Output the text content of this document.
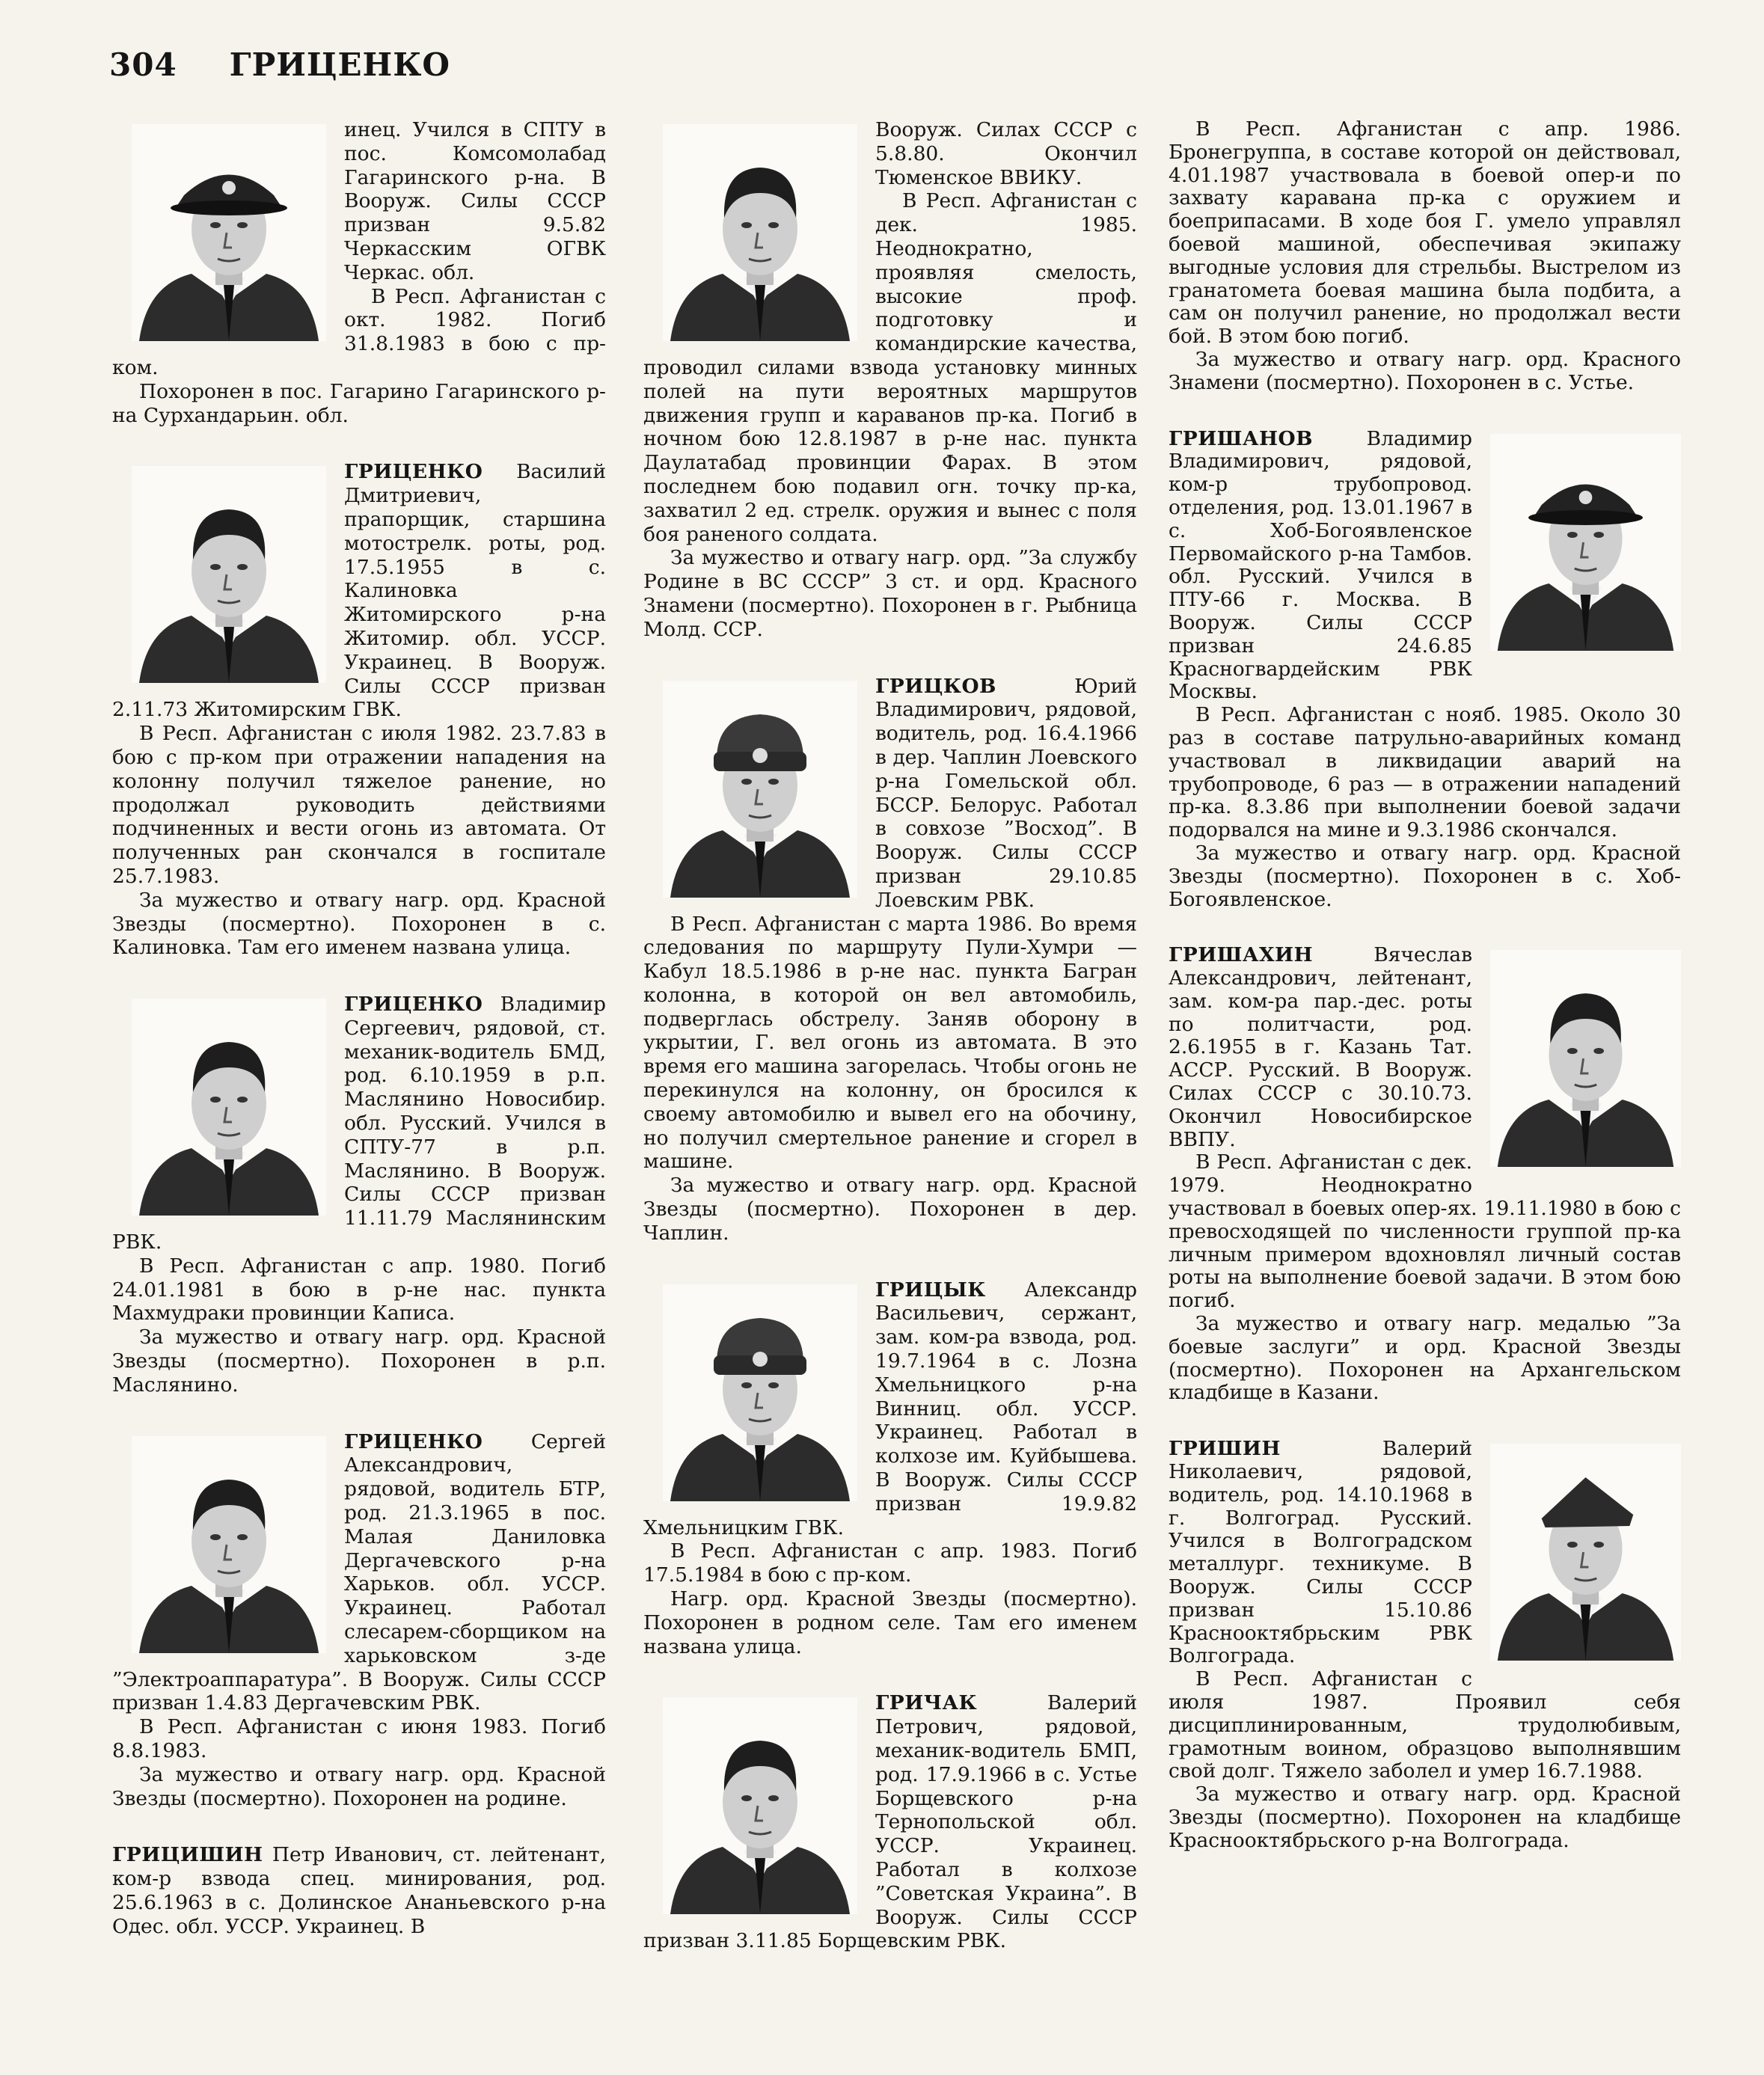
304 ГРИЦЕНКО

инец. Учился в СПТУ в пос. Комсомолабад Гагаринского р-на. В Вооруж. Силы СССР призван 9.5.82 Черкасским ОГВК Черкас. обл.

В Респ. Афганистан с окт. 1982. Погиб 31.8.1983 в бою с пр-ком.

Похоронен в пос. Гагарино Гагаринского р-на Сурхандарьин. обл.

ГРИЦЕНКО Василий Дмитриевич, прапорщик, старшина мотострелк. роты, род. 17.5.1955 в с. Калиновка Житомирского р-на Житомир. обл. УССР. Украинец. В Вооруж. Силы СССР призван 2.11.73 Житомирским ГВК.

В Респ. Афганистан с июля 1982. 23.7.83 в бою с пр-ком при отражении нападения на колонну получил тяжелое ранение, но продолжал руководить действиями подчиненных и вести огонь из автомата. От полученных ран скончался в госпитале 25.7.1983.

За мужество и отвагу нагр. орд. Красной Звезды (посмертно). Похоронен в с. Калиновка. Там его именем названа улица.

ГРИЦЕНКО Владимир Сергеевич, рядовой, ст. механик-водитель БМД, род. 6.10.1959 в р.п. Маслянино Новосибир. обл. Русский. Учился в СПТУ-77 в р.п. Маслянино. В Вооруж. Силы СССР призван 11.11.79 Маслянинским РВК.

В Респ. Афганистан с апр. 1980. Погиб 24.01.1981 в бою в р-не нас. пункта Махмудраки провинции Каписа.

За мужество и отвагу нагр. орд. Красной Звезды (посмертно). Похоронен в р.п. Маслянино.

ГРИЦЕНКО Сергей Александрович, рядовой, водитель БТР, род. 21.3.1965 в пос. Малая Даниловка Дергачевского р-на Харьков. обл. УССР. Украинец. Работал слесарем-сборщиком на харьковском з-де ”Электроаппаратура”. В Вооруж. Силы СССР призван 1.4.83 Дергачевским РВК.

В Респ. Афганистан с июня 1983. Погиб 8.8.1983.

За мужество и отвагу нагр. орд. Красной Звезды (посмертно). Похоронен на родине.

ГРИЦИШИН Петр Иванович, ст. лейтенант, ком-р взвода спец. минирования, род. 25.6.1963 в с. Долинское Ананьевского р-на Одес. обл. УССР. Украинец. В

Вооруж. Силах СССР с 5.8.80. Окончил Тюменское ВВИКУ.

В Респ. Афганистан с дек. 1985. Неоднократно, проявляя смелость, высокие проф. подготовку и командирские качества, проводил силами взвода установку минных полей на пути вероятных маршрутов движения групп и караванов пр-ка. Погиб в ночном бою 12.8.1987 в р-не нас. пункта Даулатабад провинции Фарах. В этом последнем бою подавил огн. точку пр-ка, захватил 2 ед. стрелк. оружия и вынес с поля боя раненого солдата.

За мужество и отвагу нагр. орд. ”За службу Родине в ВС СССР” 3 ст. и орд. Красного Знамени (посмертно). Похоронен в г. Рыбница Молд. ССР.

ГРИЦКОВ Юрий Владимирович, рядовой, водитель, род. 16.4.1966 в дер. Чаплин Лоевского р-на Гомельской обл. БССР. Белорус. Работал в совхозе ”Восход”. В Вооруж. Силы СССР призван 29.10.85 Лоевским РВК.

В Респ. Афганистан с марта 1986. Во время следования по маршруту Пули-Хумри — Кабул 18.5.1986 в р-не нас. пункта Багран колонна, в которой он вел автомобиль, подверглась обстрелу. Заняв оборону в укрытии, Г. вел огонь из автомата. В это время его машина загорелась. Чтобы огонь не перекинулся на колонну, он бросился к своему автомобилю и вывел его на обочину, но получил смертельное ранение и сгорел в машине.

За мужество и отвагу нагр. орд. Красной Звезды (посмертно). Похоронен в дер. Чаплин.

ГРИЦЫК Александр Васильевич, сержант, зам. ком-ра взвода, род. 19.7.1964 в с. Лозна Хмельницкого р-на Винниц. обл. УССР. Украинец. Работал в колхозе им. Куйбышева. В Вооруж. Силы СССР призван 19.9.82 Хмельницким ГВК.

В Респ. Афганистан с апр. 1983. Погиб 17.5.1984 в бою с пр-ком.

Нагр. орд. Красной Звезды (посмертно). Похоронен в родном селе. Там его именем названа улица.

ГРИЧАК Валерий Петрович, рядовой, механик-водитель БМП, род. 17.9.1966 в с. Устье Борщевского р-на Тернопольской обл. УССР. Украинец. Работал в колхозе ”Советская Украина”. В Вооруж. Силы СССР призван 3.11.85 Борщевским РВК.

В Респ. Афганистан с апр. 1986. Бронегруппа, в составе которой он действовал, 4.01.1987 участвовала в боевой опер-и по захвату каравана пр-ка с оружием и боеприпасами. В ходе боя Г. умело управлял боевой машиной, обеспечивая экипажу выгодные условия для стрельбы. Выстрелом из гранатомета боевая машина была подбита, а сам он получил ранение, но продолжал вести бой. В этом бою погиб.

За мужество и отвагу нагр. орд. Красного Знамени (посмертно). Похоронен в с. Устье.

ГРИШАНОВ Владимир Владимирович, рядовой, ком-р трубопровод. отделения, род. 13.01.1967 в с. Хоб-Богоявленское Первомайского р-на Тамбов. обл. Русский. Учился в ПТУ-66 г. Москва. В Вооруж. Силы СССР призван 24.6.85 Красногвардейским РВК Москвы.

В Респ. Афганистан с нояб. 1985. Около 30 раз в составе патрульно-аварийных команд участвовал в ликвидации аварий на трубопроводе, 6 раз — в отражении нападений пр-ка. 8.3.86 при выполнении боевой задачи подорвался на мине и 9.3.1986 скончался.

За мужество и отвагу нагр. орд. Красной Звезды (посмертно). Похоронен в с. Хоб-Богоявленское.

ГРИШАХИН Вячеслав Александрович, лейтенант, зам. ком-ра пар.-дес. роты по политчасти, род. 2.6.1955 в г. Казань Тат. АССР. Русский. В Вооруж. Силах СССР с 30.10.73. Окончил Новосибирское ВВПУ.

В Респ. Афганистан с дек. 1979. Неоднократно участвовал в боевых опер-ях. 19.11.1980 в бою с превосходящей по численности группой пр-ка личным примером вдохновлял личный состав роты на выполнение боевой задачи. В этом бою погиб.

За мужество и отвагу нагр. медалью ”За боевые заслуги” и орд. Красной Звезды (посмертно). Похоронен на Архангельском кладбище в Казани.

ГРИШИН Валерий Николаевич, рядовой, водитель, род. 14.10.1968 в г. Волгоград. Русский. Учился в Волгоградском металлург. техникуме. В Вооруж. Силы СССР призван 15.10.86 Краснооктябрьским РВК Волгограда.

В Респ. Афганистан с июля 1987. Проявил себя дисциплинированным, трудолюбивым, грамотным воином, образцово выполнявшим свой долг. Тяжело заболел и умер 16.7.1988.

За мужество и отвагу нагр. орд. Красной Звезды (посмертно). Похоронен на кладбище Краснооктябрьского р-на Волгограда.
